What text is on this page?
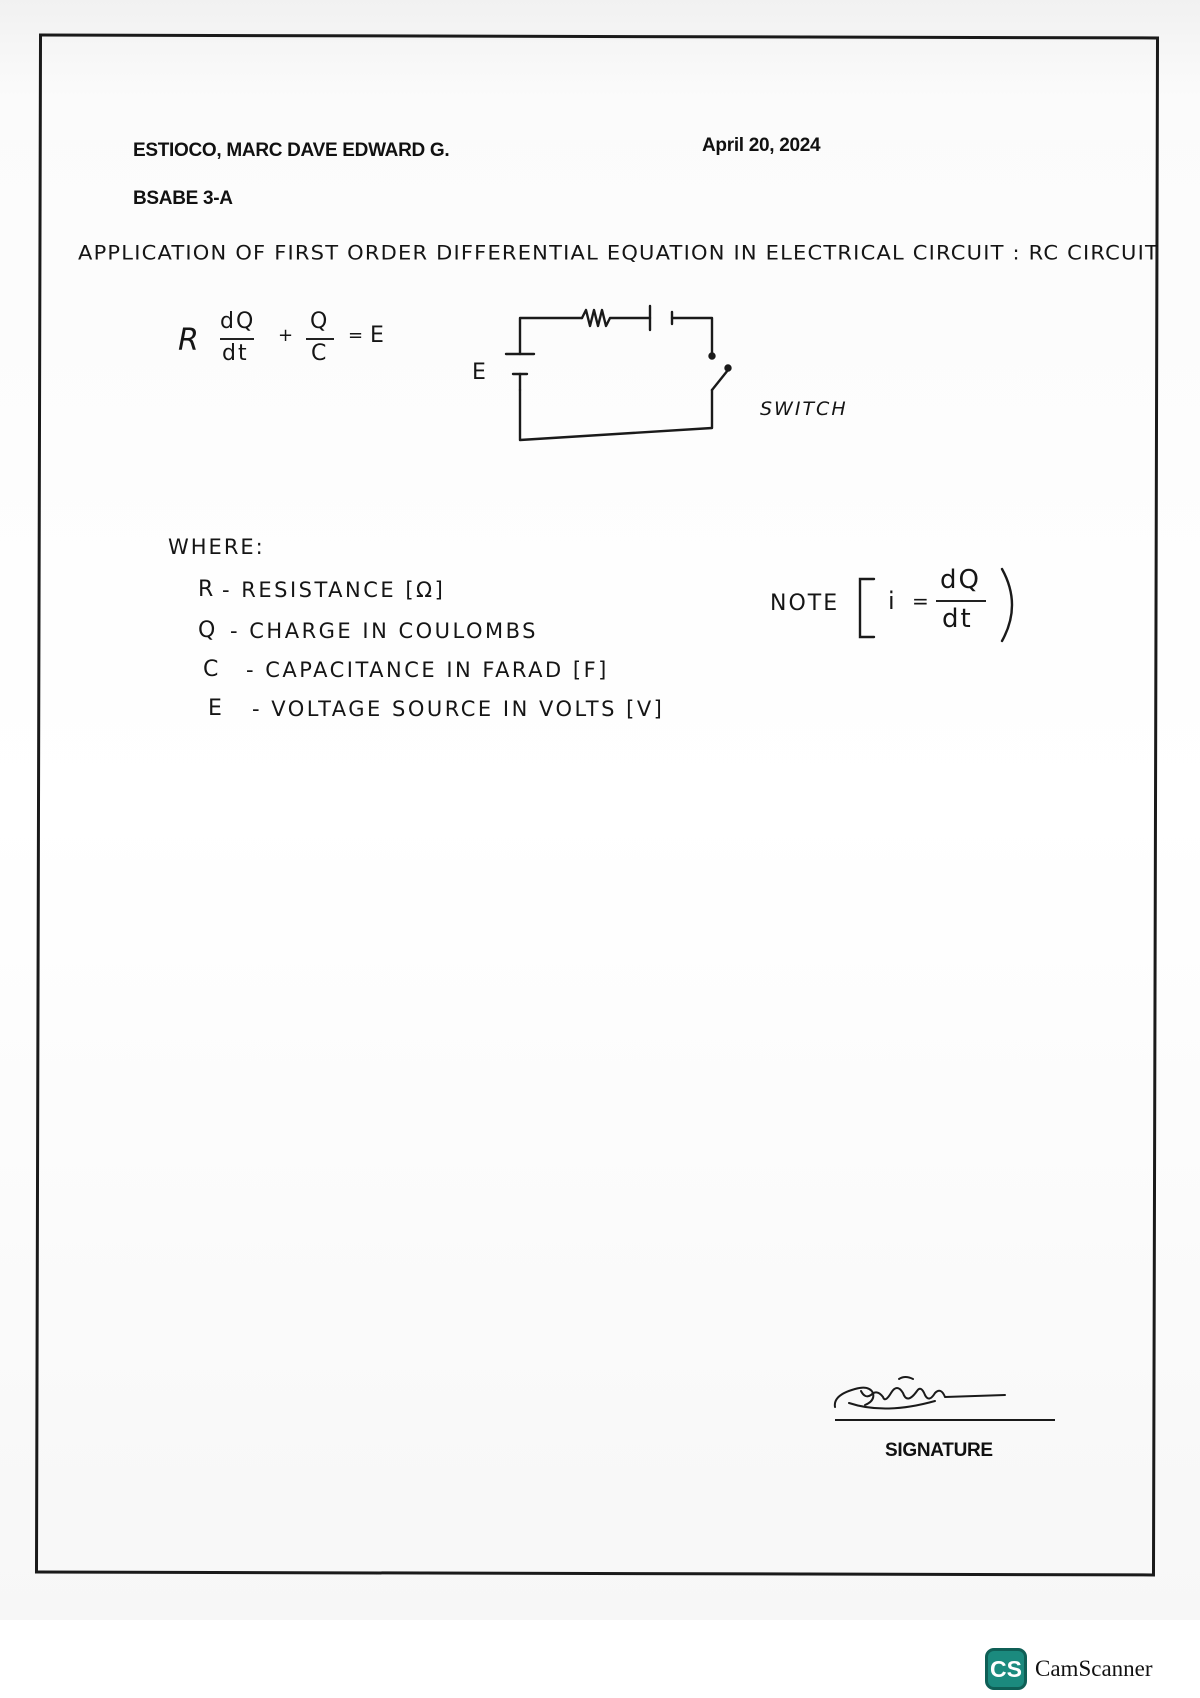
ESTIOCO, MARC DAVE EDWARD G.	April 20, 2024
BSABE 3-A
APPLICATION OF FIRST ORDER DIFFERENTIAL EQUATION IN ELECTRICAL CIRCUIT : RC CIRCUIT
R
dQ
dt
+
Q
C
= E
E
SWITCH
WHERE:
R - RESISTANCE [Ω]
Q - CHARGE IN COULOMBS
C - CAPACITANCE IN FARAD [F]
E - VOLTAGE SOURCE IN VOLTS [V]
NOTE i =
dQ
dt
SIGNATURE
CS CamScanner
